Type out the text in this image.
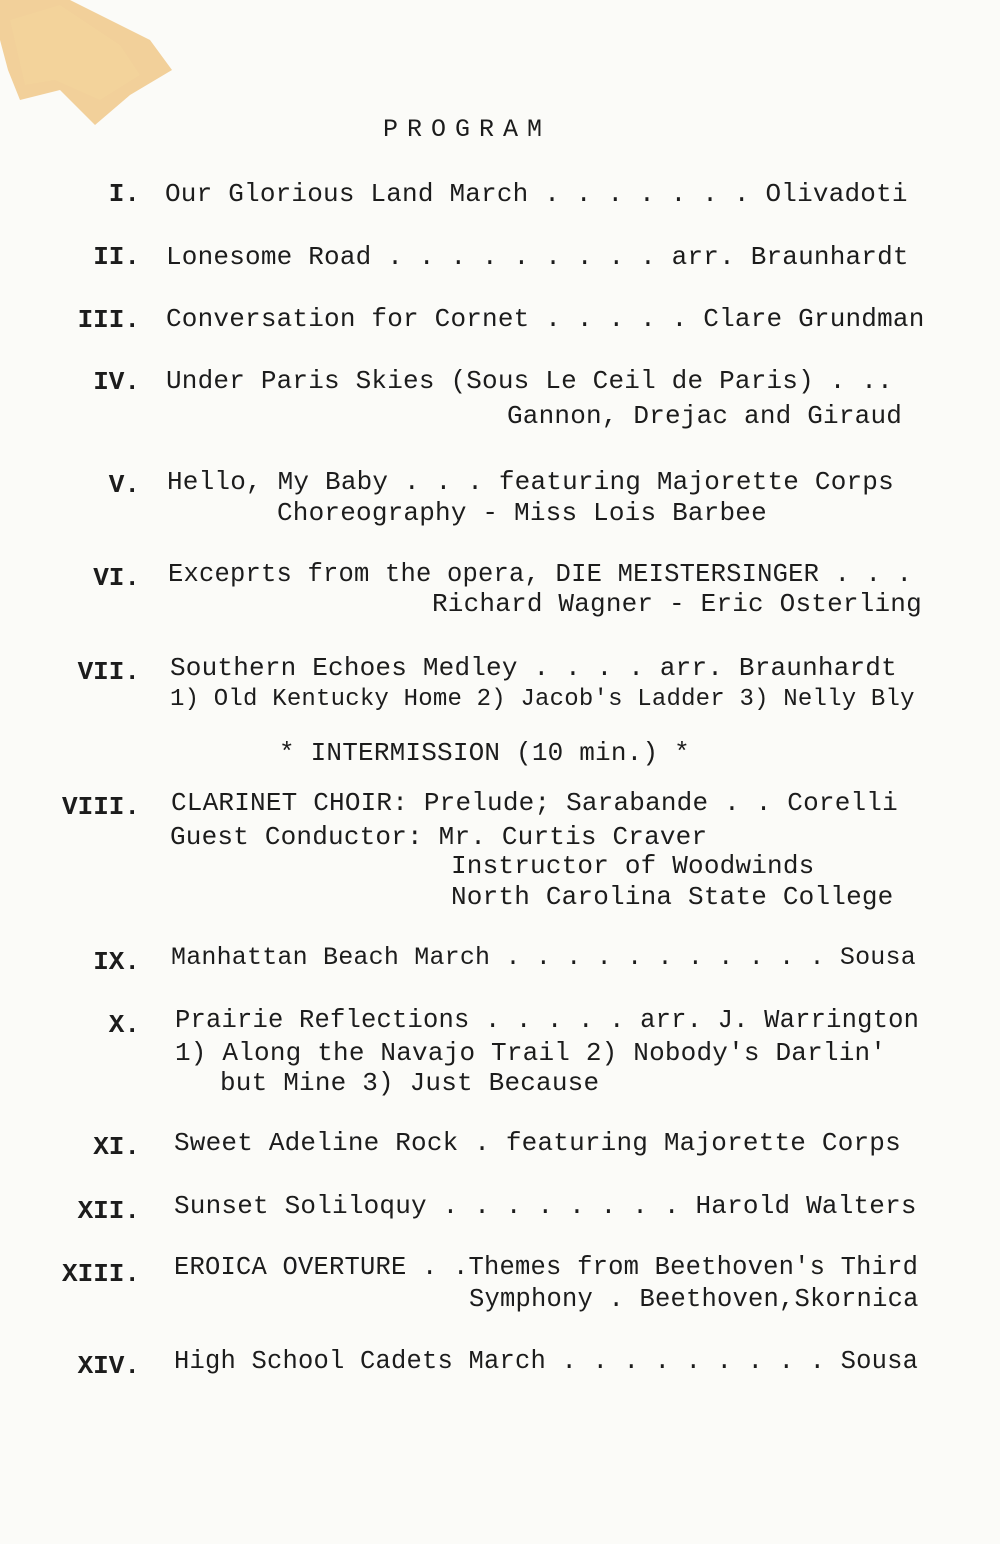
PROGRAM
I. Our Glorious Land March . . . . . . . Olivadoti
II. Lonesome Road . . . . . . . . . arr. Braunhardt
III. Conversation for Cornet . . . . . Clare Grundman
IV. Under Paris Skies (Sous Le Ceil de Paris) . ..
Gannon, Drejac and Giraud
V. Hello, My Baby . . . featuring Majorette Corps
Choreography - Miss Lois Barbee
VI. Exceprts from the opera, DIE MEISTERSINGER . . .
Richard Wagner - Eric Osterling
VII. Southern Echoes Medley . . . . arr. Braunhardt
1) Old Kentucky Home 2) Jacob's Ladder 3) Nelly Bly
* INTERMISSION (10 min.) *
VIII. CLARINET CHOIR: Prelude; Sarabande . . Corelli
Guest Conductor: Mr. Curtis Craver
Instructor of Woodwinds
North Carolina State College
IX. Manhattan Beach March . . . . . . . . . . . Sousa
X. Prairie Reflections . . . . . arr. J. Warrington
1) Along the Navajo Trail 2) Nobody's Darlin'
but Mine 3) Just Because
XI. Sweet Adeline Rock . featuring Majorette Corps
XII. Sunset Soliloquy . . . . . . . . Harold Walters
XIII. EROICA OVERTURE . .Themes from Beethoven's Third
Symphony . Beethoven,Skornica
XIV. High School Cadets March . . . . . . . . . Sousa
